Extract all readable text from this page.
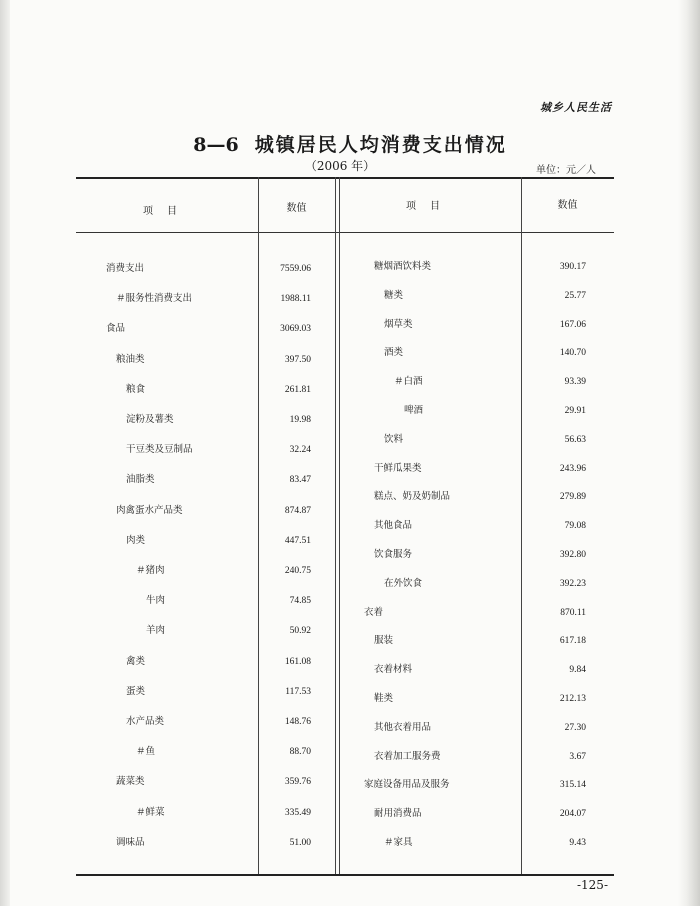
城乡人民生活
8—6 城镇居民人均消费支出情况
（2006 年）	单位：元／人
项目	数值	项目	数值
消费支出	7559.06
＃服务性消费支出	1988.11
食品	3069.03
粮油类	397.50
粮食	261.81
淀粉及薯类	19.98
干豆类及豆制品	32.24
油脂类	83.47
肉禽蛋水产品类	874.87
肉类	447.51
＃猪肉	240.75
牛肉	74.85
羊肉	50.92
禽类	161.08
蛋类	117.53
水产品类	148.76
＃鱼	88.70
蔬菜类	359.76
＃鲜菜	335.49
调味品	51.00
糖烟酒饮料类	390.17
糖类	25.77
烟草类	167.06
酒类	140.70
＃白酒	93.39
啤酒	29.91
饮料	56.63
干鲜瓜果类	243.96
糕点、奶及奶制品	279.89
其他食品	79.08
饮食服务	392.80
在外饮食	392.23
衣着	870.11
服装	617.18
衣着材料	9.84
鞋类	212.13
其他衣着用品	27.30
衣着加工服务费	3.67
家庭设备用品及服务	315.14
耐用消费品	204.07
＃家具	9.43
-125-
